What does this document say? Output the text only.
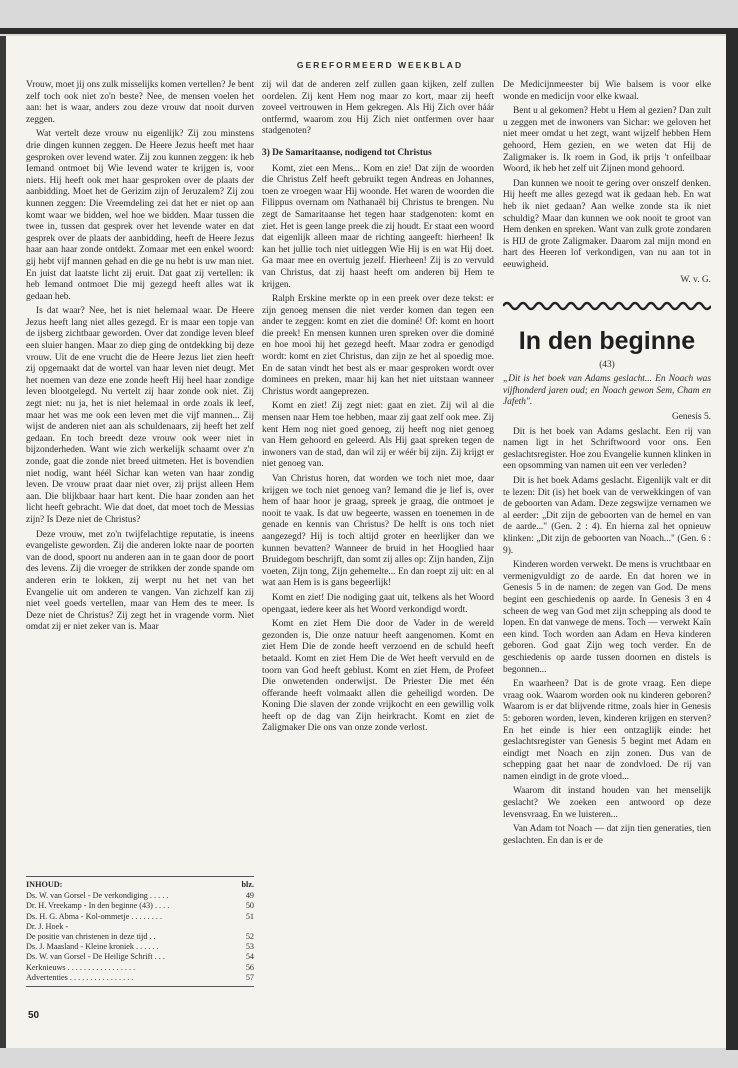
GEREFORMEERD WEEKBLAD

Vrouw, moet jij ons zulk misselijks komen vertellen? Je bent zelf toch ook niet zo'n beste? Nee, de mensen voelen het aan: het is waar, anders zou deze vrouw dat nooit durven zeggen.

Wat vertelt deze vrouw nu eigenlijk? Zij zou minstens drie dingen kunnen zeggen. De Heere Jezus heeft met haar gesproken over levend water. Zij zou kunnen zeggen: ik heb Iemand ontmoet bij Wie levend water te krijgen is, voor niets. Hij heeft ook met haar gesproken over de plaats der aanbidding. Moet het de Gerizim zijn of Jeruzalem? Zij zou kunnen zeggen: Die Vreemdeling zei dat het er niet op aan komt waar we bidden, wel hoe we bidden. Maar tussen die twee in, tussen dat gesprek over het levende water en dat gesprek over de plaats der aanbidding, heeft de Heere Jezus haar aan haar zonde ontdekt. Zomaar met een enkel woord: gij hebt vijf mannen gehad en die ge nu hebt is uw man niet. En juist dat laatste licht zij eruit. Dat gaat zij vertellen: ik heb Iemand ontmoet Die mij gezegd heeft alles wat ik gedaan heb.

Is dat waar? Nee, het is niet helemaal waar. De Heere Jezus heeft lang niet alles gezegd. Er is maar een topje van de ijsberg zichtbaar geworden. Over dat zondige leven bleef een sluier hangen. Maar zo diep ging de ontdekking bij deze vrouw. Uit de ene vrucht die de Heere Jezus liet zien heeft zij opgemaakt dat de wortel van haar leven niet deugt. Met het noemen van deze ene zonde heeft Hij heel haar zondige leven blootgelegd. Nu vertelt zij haar zonde ook niet. Zij zegt niet: nu ja, het is niet helemaal in orde zoals ik leef, maar het was me ook een leven met die vijf mannen... Zij wijst de anderen niet aan als schuldenaars, zij heeft het zelf gedaan. En toch breedt deze vrouw ook weer niet in bijzonderheden. Want wie zich werkelijk schaamt over z'n zonde, gaat die zonde niet breed uitmeten. Het is bovendien niet nodig, want héél Sichar kan weten van haar zondig leven. De vrouw praat daar niet over, zij prijst alleen Hem aan. Die blijkbaar haar hart kent. Die haar zonden aan het licht heeft gebracht. Wie dat doet, dat moet toch de Messias zijn? Is Deze niet de Christus?

Deze vrouw, met zo'n twijfelachtige reputatie, is ineens evangeliste geworden. Zij die anderen lokte naar de poorten van de dood, spoort nu anderen aan in te gaan door de poort des levens. Zij die vroeger de strikken der zonde spande om anderen erin te lokken, zij werpt nu het net van het Evangelie uit om anderen te vangen. Van zichzelf kan zij niet veel goeds vertellen, maar van Hem des te meer. Is Deze niet de Christus? Zij zegt het in vragende vorm. Niet omdat zij er niet zeker van is. Maar

INHOUD:	blz.
Ds. W. van Gorsel - De verkondiging . . . . .	49
Dr. H. Vreekamp - In den beginne (43) . . . .	50
Ds. H. G. Abma - Kol-ommetje . . . . . . . .	51
Dr. J. Hoek -
De positie van christenen in deze tijd . .	52
Ds. J. Maasland - Kleine kroniek . . . . . .	53
Ds. W. van Gorsel - De Heilige Schrift . . .	54
Kerknieuws . . . . . . . . . . . . . . . . .	56
Advertenties . . . . . . . . . . . . . . . .	57

zij wil dat de anderen zelf zullen gaan kijken, zelf zullen oordelen. Zij kent Hem nog maar zo kort, maar zij heeft zoveel vertrouwen in Hem gekregen. Als Hij Zich over háár ontfermd, waarom zou Hij Zich niet ontfermen over haar stadgenoten?

3) De Samaritaanse, nodigend tot Christus

Komt, ziet een Mens... Kom en zie! Dat zijn de woorden die Christus Zelf heeft gebruikt tegen Andreas en Johannes, toen ze vroegen waar Hij woonde. Het waren de woorden die Filippus overnam om Nathanaël bij Christus te brengen. Nu zegt de Samaritaanse het tegen haar stadgenoten: komt en ziet. Het is geen lange preek die zij houdt. Er staat een woord dat eigenlijk alleen maar de richting aangeeft: hierheen! Ik kan het jullie toch niet uitleggen Wie Hij is en wat Hij doet. Ga maar mee en overtuig jezelf. Hierheen! Zij is zo vervuld van Christus, dat zij haast heeft om anderen bij Hem te krijgen.

Ralph Erskine merkte op in een preek over deze tekst: er zijn genoeg mensen die niet verder komen dan tegen een ander te zeggen: komt en ziet die dominé! Of: komt en hoort die preek! En mensen kunnen uren spreken over die dominé en hoe mooi hij het gezegd heeft. Maar zodra er genodigd wordt: komt en ziet Christus, dan zijn ze het al spoedig moe. En de satan vindt het best als er maar gesproken wordt over dominees en preken, maar hij kan het niet uitstaan wanneer Christus wordt aangeprezen.

Komt en ziet! Zij zegt niet: gaat en ziet. Zij wil al die mensen naar Hem toe hebben, maar zij gaat zelf ook mee. Zij kent Hem nog niet goed genoeg, zij heeft nog niet genoeg van Hem gehoord en geleerd. Als Hij gaat spreken tegen de inwoners van de stad, dan wil zij er wéér bij zijn. Zij krijgt er niet genoeg van.

Van Christus horen, dat worden we toch niet moe, daar krijgen we toch niet genoeg van? Iemand die je lief is, over hem of haar hoor je graag, spreek je graag, die ontmoet je nooit te vaak. Is dat uw begeerte, wassen en toenemen in de genade en kennis van Christus? De helft is ons toch niet aangezegd? Hij is toch altijd groter en heerlijker dan we kunnen bevatten? Wanneer de bruid in het Hooglied haar Bruidegom beschrijft, dan somt zij alles op: Zijn handen, Zijn voeten, Zijn tong, Zijn gehemelte... En dan roept zij uit: en al wat aan Hem is is gans begeerlijk!

Komt en ziet! Die nodiging gaat uit, telkens als het Woord opengaat, iedere keer als het Woord verkondigd wordt.

Komt en ziet Hem Die door de Vader in de wereld gezonden is, Die onze natuur heeft aangenomen. Komt en ziet Hem Die de zonde heeft verzoend en de schuld heeft betaald. Komt en ziet Hem Die de Wet heeft vervuld en de toorn van God heeft geblust. Komt en ziet Hem, de Profeet Die onwetenden onderwijst. De Priester Die met één offerande heeft volmaakt allen die geheiligd worden. De Koning Die slaven der zonde vrijkocht en een gewillig volk heeft op de dag van Zijn heirkracht. Komt en ziet de Zaligmaker Die ons van onze zonde verlost.

De Medicijnmeester bij Wie balsem is voor elke wonde en medicijn voor elke kwaal.

Bent u al gekomen? Hebt u Hem al gezien? Dan zult u zeggen met de inwoners van Sichar: we geloven het niet meer omdat u het zegt, want wijzelf hebben Hem gehoord, Hem gezien, en we weten dat Hij de Zaligmaker is. Ik roem in God, ik prijs 't onfeilbaar Woord, ik heb het zelf uit Zijnen mond gehoord.

Dan kunnen we nooit te gering over onszelf denken. Hij heeft me alles gezegd wat ik gedaan heb. En wat heb ik niet gedaan? Aan welke zonde sta ik niet schuldig? Maar dan kunnen we ook nooit te groot van Hem denken en spreken. Want van zulk grote zondaren is HIJ de grote Zaligmaker. Daarom zal mijn mond en hart des Heeren lof verkondigen, van nu aan tot in eeuwigheid.

W. v. G.

In den beginne

(43)

„Dit is het boek van Adams geslacht... En Noach was vijfhonderd jaren oud; en Noach gewon Sem, Cham en Jafeth".

Genesis 5.

Dit is het boek van Adams geslacht. Een rij van namen ligt in het Schriftwoord voor ons. Een geslachtsregister. Hoe zou Evangelie kunnen klinken in een opsomming van namen uit een ver verleden?

Dit is het boek Adams geslacht. Eigenlijk valt er dit te lezen: Dit (is) het boek van de verwekkingen of van de geboorten van Adam. Deze zegswijze vernamen we al eerder: „Dit zijn de geboorten van de hemel en van de aarde..." (Gen. 2 : 4). En hierna zal het opnieuw klinken: „Dit zijn de geboorten van Noach..." (Gen. 6 : 9).

Kinderen worden verwekt. De mens is vruchtbaar en vermenigvuldigt zo de aarde. En dat horen we in Genesis 5 in de namen: de zegen van God. De mens begint een geschiedenis op aarde. In Genesis 3 en 4 scheen de weg van God met zijn schepping als dood te lopen. En dat vanwege de mens. Toch — verwekt Kaïn een kind. Toch worden aan Adam en Heva kinderen geboren. God gaat Zijn weg toch verder. En de geschiedenis op aarde tussen doornen en distels is begonnen...

En waarheen? Dat is de grote vraag. Een diepe vraag ook. Waarom worden ook nu kinderen geboren? Waarom is er dat blijvende ritme, zoals hier in Genesis 5: geboren worden, leven, kinderen krijgen en sterven? En het einde is hier een ontzaglijk einde: het geslachtsregister van Genesis 5 begint met Adam en eindigt met Noach en zijn zonen. Dus van de schepping gaat het naar de zondvloed. De rij van namen eindigt in de grote vloed...

Waarom dit instand houden van het menselijk geslacht? We zoeken een antwoord op deze levensvraag. En we luisteren...

Van Adam tot Noach — dat zijn tien generaties, tien geslachten. En dan is er de

50
